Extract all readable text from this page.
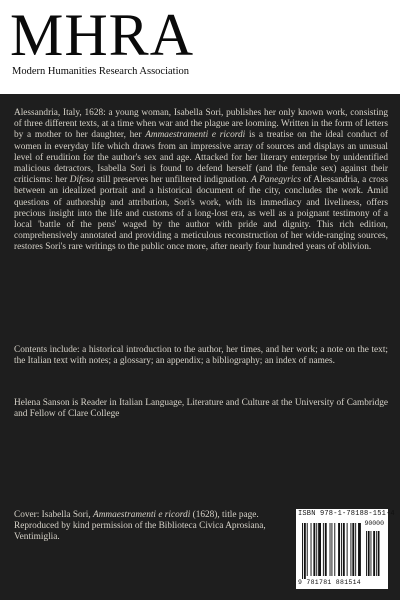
MHRA
Modern Humanities Research Association

Alessandria, Italy, 1628: a young woman, Isabella Sori, publishes her only known work, consisting of three different texts, at a time when war and the plague are looming. Written in the form of letters by a mother to her daughter, her Ammaestramenti e ricordi is a treatise on the ideal conduct of women in everyday life which draws from an impressive array of sources and displays an unusual level of erudition for the author's sex and age. Attacked for her literary enterprise by unidentified malicious detractors, Isabella Sori is found to defend herself (and the female sex) against their criticisms: her Difesa still preserves her unfiltered indignation. A Panegyrics of Alessandria, a cross between an idealized portrait and a historical document of the city, concludes the work. Amid questions of authorship and attribution, Sori's work, with its immediacy and liveliness, offers precious insight into the life and customs of a long-lost era, as well as a poignant testimony of a local 'battle of the pens' waged by the author with pride and dignity. This rich edition, comprehensively annotated and providing a meticulous reconstruction of her wide-ranging sources, restores Sori's rare writings to the public once more, after nearly four hundred years of oblivion.

Contents include: a historical introduction to the author, her times, and her work; a note on the text; the Italian text with notes; a glossary; an appendix; a bibliography; an index of names.

Helena Sanson is Reader in Italian Language, Literature and Culture at the University of Cambridge and Fellow of Clare College

Cover: Isabella Sori, Ammaestramenti e ricordi (1628), title page. Reproduced by kind permission of the Biblioteca Civica Aprosiana, Ventimiglia.

ISBN 978-1-78188-151-4
90000
9 781781 881514
